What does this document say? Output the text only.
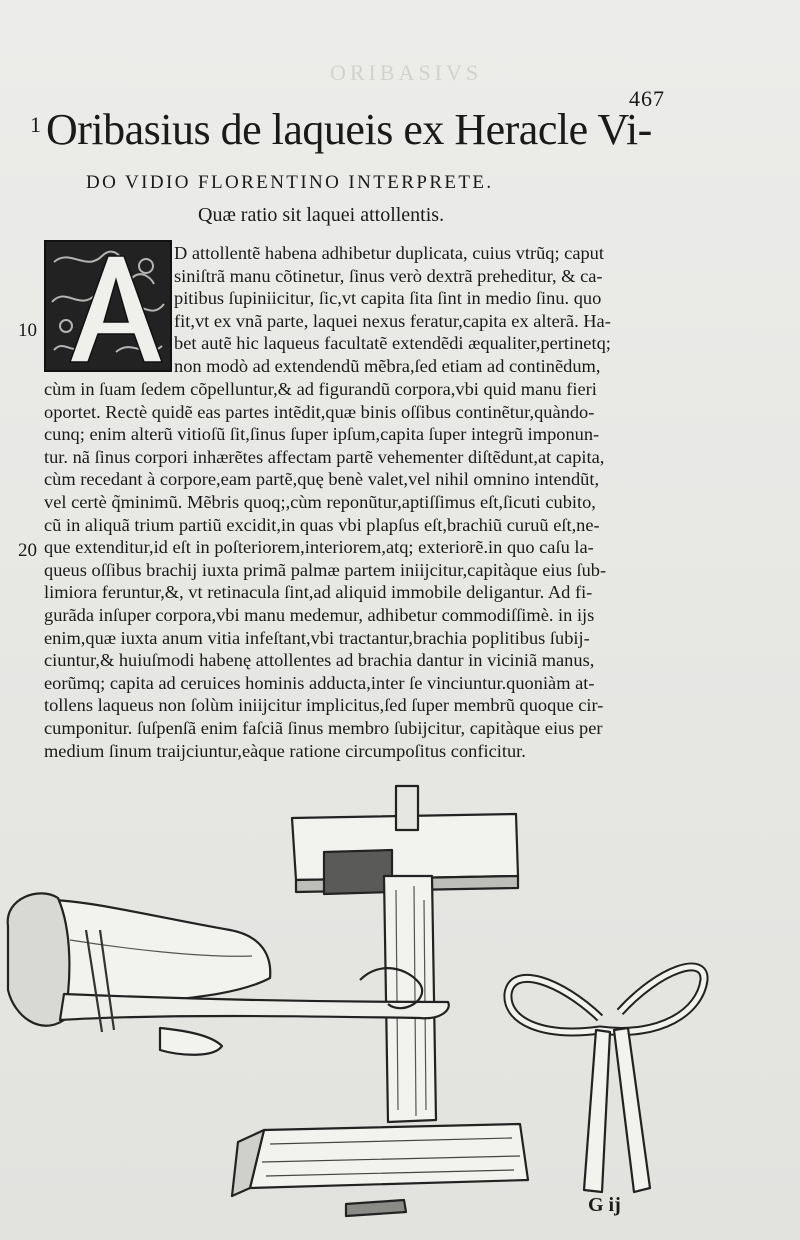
ORIBASIVS
467
1 Oribasius de laqueis ex Heracle Vi-
DO VIDIO FLORENTINO INTERPRETE.
Quæ ratio sit laquei attollentis.
D attollentẽ habena adhibetur duplicata, cuius vtrũq; caput
siniſtrã manu cõtinetur, ſinus verò dextrã preheditur, & ca-
pitibus ſupiniicitur, ſic,vt capita ſita ſint in medio ſinu. quo
fit,vt ex vnã parte, laquei nexus feratur,capita ex alterã. Ha-
bet autẽ hic laqueus facultatẽ extendẽdi æqualiter,pertinetq;
non modò ad extendendũ mẽbra,ſed etiam ad continẽdum,
10
cùm in ſuam ſedem cõpelluntur,& ad figurandũ corpora,vbi quid manu fieri
oportet. Rectè quidẽ eas partes intẽdit,quæ binis oſſibus continẽtur,quàndo-
cunq; enim alterũ vitioſũ ſit,ſinus ſuper ipſum,capita ſuper integrũ imponun-
tur. nã ſinus corpori inhærẽtes affectam partẽ vehementer diſtẽdunt,at capita,
cùm recedant à corpore,eam partẽ,quę benè valet,vel nihil omnino intendũt,
vel certè q̃minimũ. Mẽbris quoq;,cùm reponũtur,aptiſſimus eſt,ſicuti cubito,
cũ in aliquã trium partiũ excidit,in quas vbi plapſus eſt,brachiũ curuũ eſt,ne-
que extenditur,id eſt in poſteriorem,interiorem,atq; exteriorẽ.in quo caſu la-
queus oſſibus brachij iuxta primã palmæ partem iniijcitur,capitàque eius ſub-
limiora feruntur,&, vt retinacula ſint,ad aliquid immobile deligantur. Ad fi-
gurãda inſuper corpora,vbi manu medemur, adhibetur commodiſſimè. in ijs
enim,quæ iuxta anum vitia infeſtant,vbi tractantur,brachia poplitibus ſubij-
ciuntur,& huiuſmodi habenę attollentes ad brachia dantur in viciniã manus,
eorũmq; capita ad ceruices hominis adducta,inter ſe vinciuntur.quoniàm at-
tollens laqueus non ſolùm iniijcitur implicitus,ſed ſuper membrũ quoque cir-
cumponitur. ſuſpenſã enim faſciã ſinus membro ſubijcitur, capitàque eius per
medium ſinum traijciuntur,eàque ratione circumpoſitus conficitur.
20
G ij
